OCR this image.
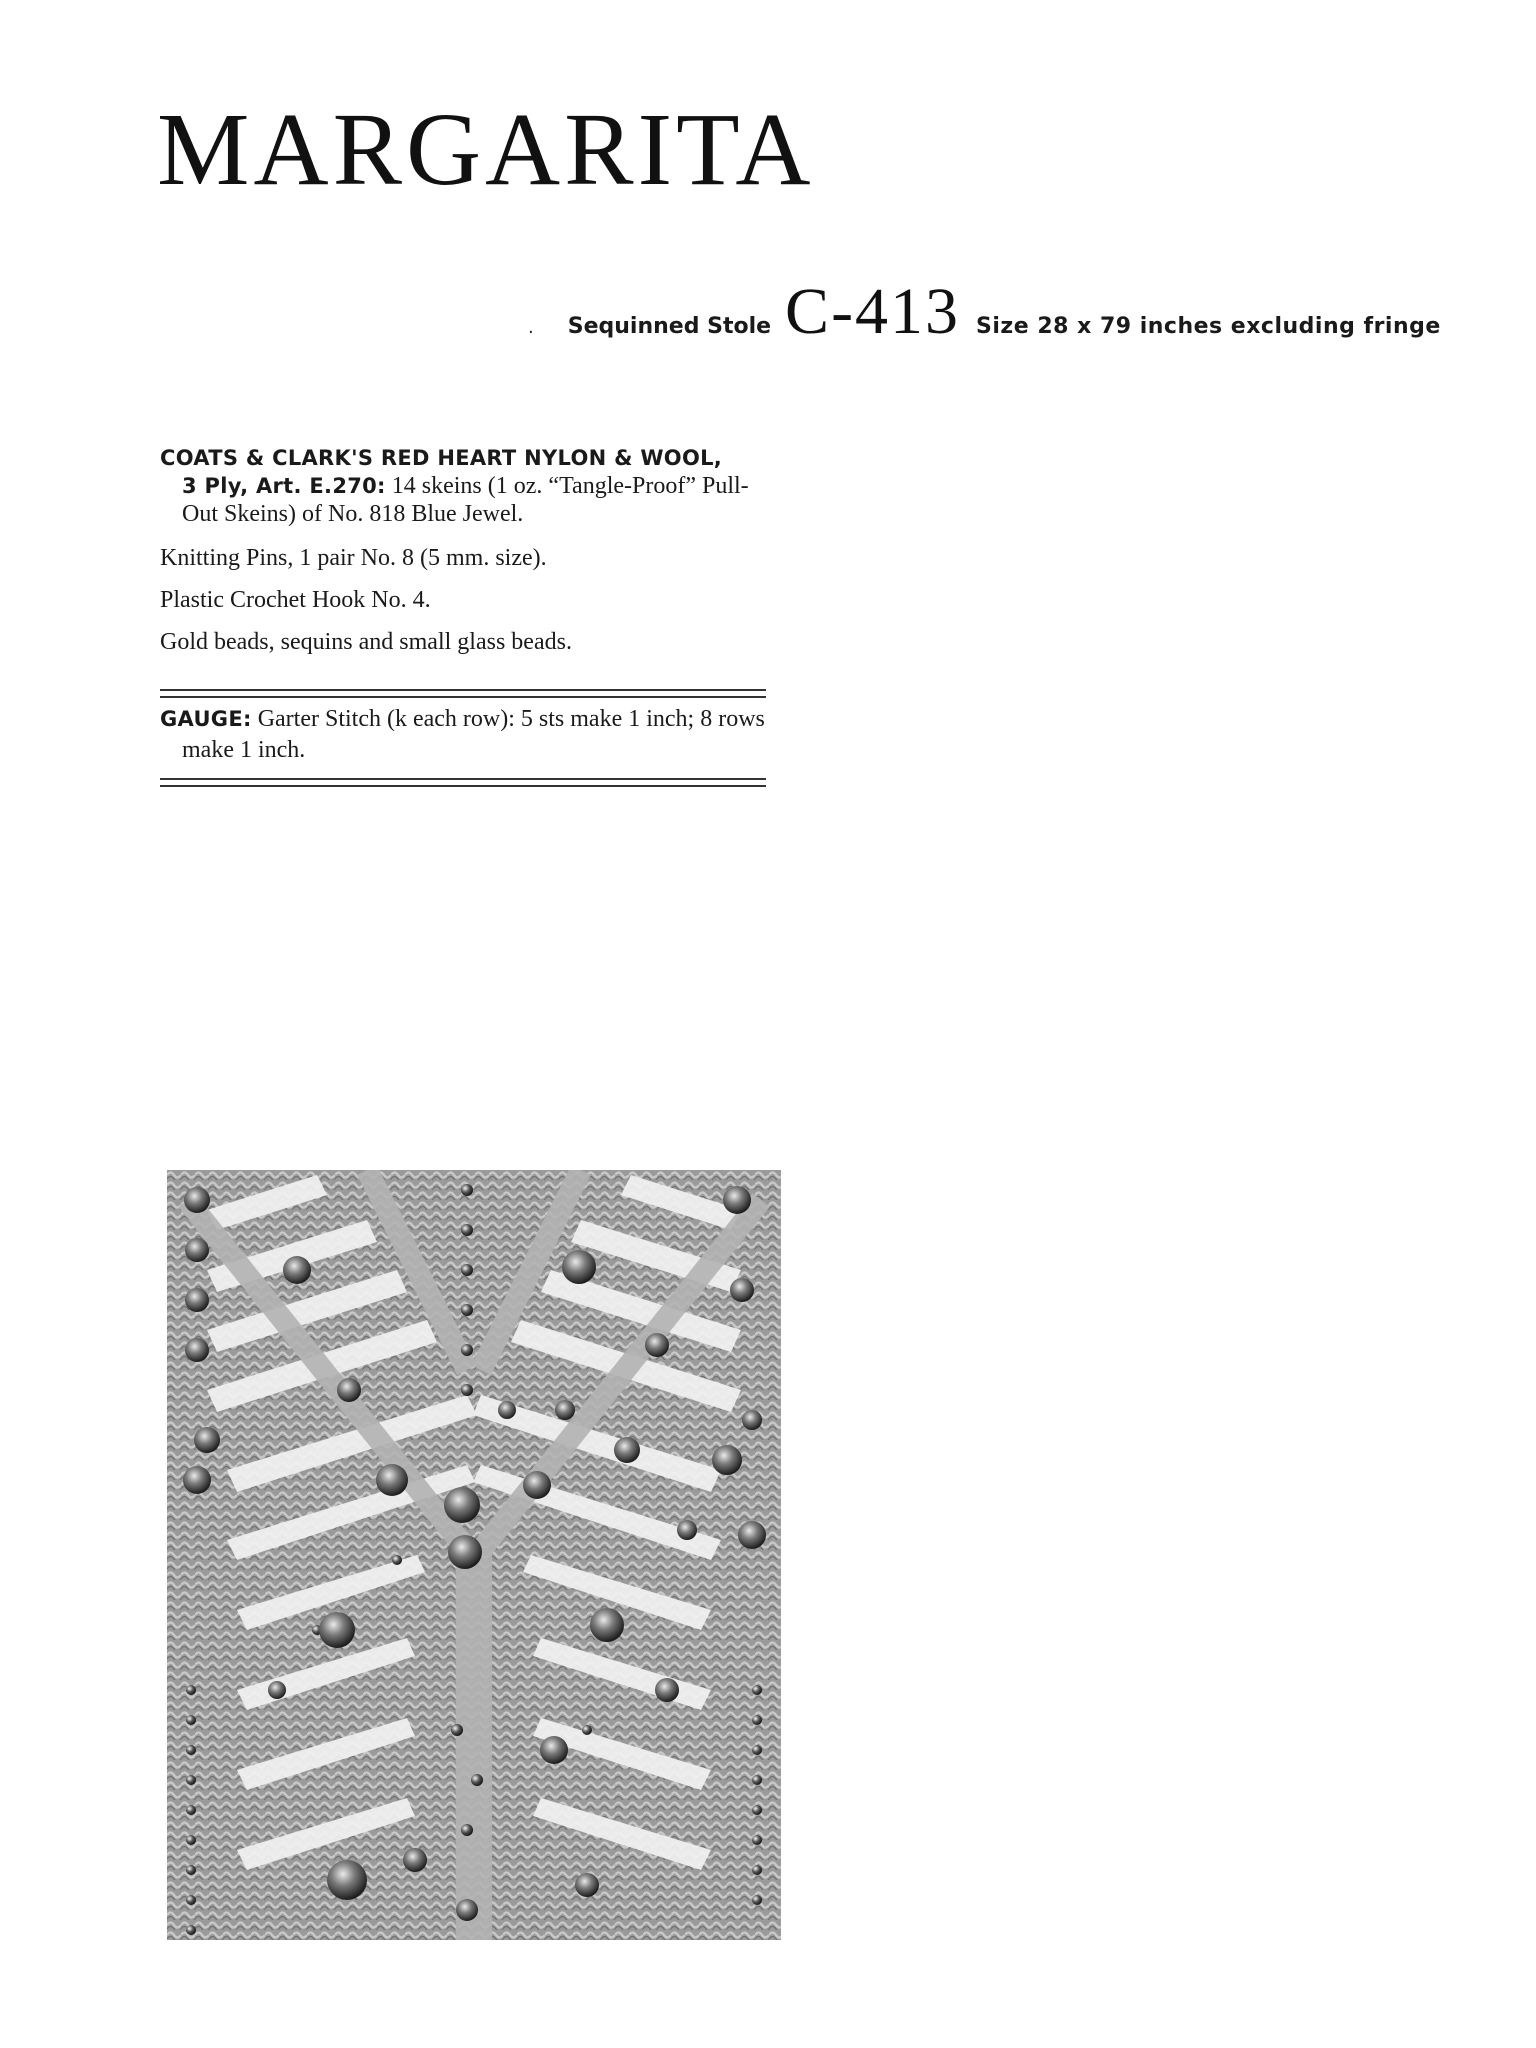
MARGARITA
. Sequinned Stole C-413 Size 28 x 79 inches excluding fringe
COATS & CLARK'S RED HEART NYLON & WOOL,
3 Ply, Art. E.270: 14 skeins (1 oz. “Tangle-Proof” Pull-Out Skeins) of No. 818 Blue Jewel.
Knitting Pins, 1 pair No. 8 (5 mm. size).
Plastic Crochet Hook No. 4.
Gold beads, sequins and small glass beads.
GAUGE: Garter Stitch (k each row): 5 sts make 1 inch; 8 rows make 1 inch.
